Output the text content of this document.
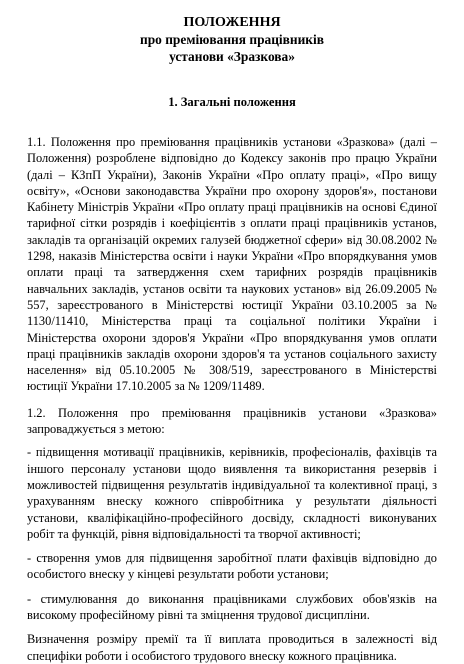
ПОЛОЖЕННЯ
про преміювання працівників
установи «Зразкова»
1. Загальні положення

1.1. Положення про преміювання працівників установи «Зразкова» (далі – Положення) розроблене відповідно до Кодексу законів про працю України (далі – КЗпП України), Законів України «Про оплату праці», «Про вищу освіту», «Основи законодавства України про охорону здоров'я», постанови Кабінету Міністрів України «Про оплату праці працівників на основі Єдиної тарифної сітки розрядів і коефіцієнтів з оплати праці працівників установ, закладів та організацій окремих галузей бюджетної сфери» від 30.08.2002 № 1298, наказів Міністерства освіти і науки України «Про впорядкування умов оплати праці та затвердження схем тарифних розрядів працівників навчальних закладів, установ освіти та наукових установ» від 26.09.2005 № 557, зареєстрованого в Міністерстві юстиції України 03.10.2005 за № 1130/11410, Міністерства праці та соціальної політики України і Міністерства охорони здоров'я України «Про впорядкування умов оплати праці працівників закладів охорони здоров'я та установ соціального захисту населення» від 05.10.2005 № 308/519, зареєстрованого в Міністерстві юстиції України 17.10.2005 за № 1209/11489.

1.2. Положення про преміювання працівників установи «Зразкова» запроваджується з метою:

- підвищення мотивації працівників, керівників, професіоналів, фахівців та іншого персоналу установи щодо виявлення та використання резервів і можливостей підвищення результатів індивідуальної та колективної праці, з урахуванням внеску кожного співробітника у результати діяльності установи, кваліфікаційно-професійного досвіду, складності виконуваних робіт та функцій, рівня відповідальності та творчої активності;

- створення умов для підвищення заробітної плати фахівців відповідно до особистого внеску у кінцеві результати роботи установи;

- стимулювання до виконання працівниками службових обов'язків на високому професійному рівні та зміцнення трудової дисципліни.

Визначення розміру премії та її виплата проводиться в залежності від специфіки роботи і особистого трудового внеску кожного працівника.
